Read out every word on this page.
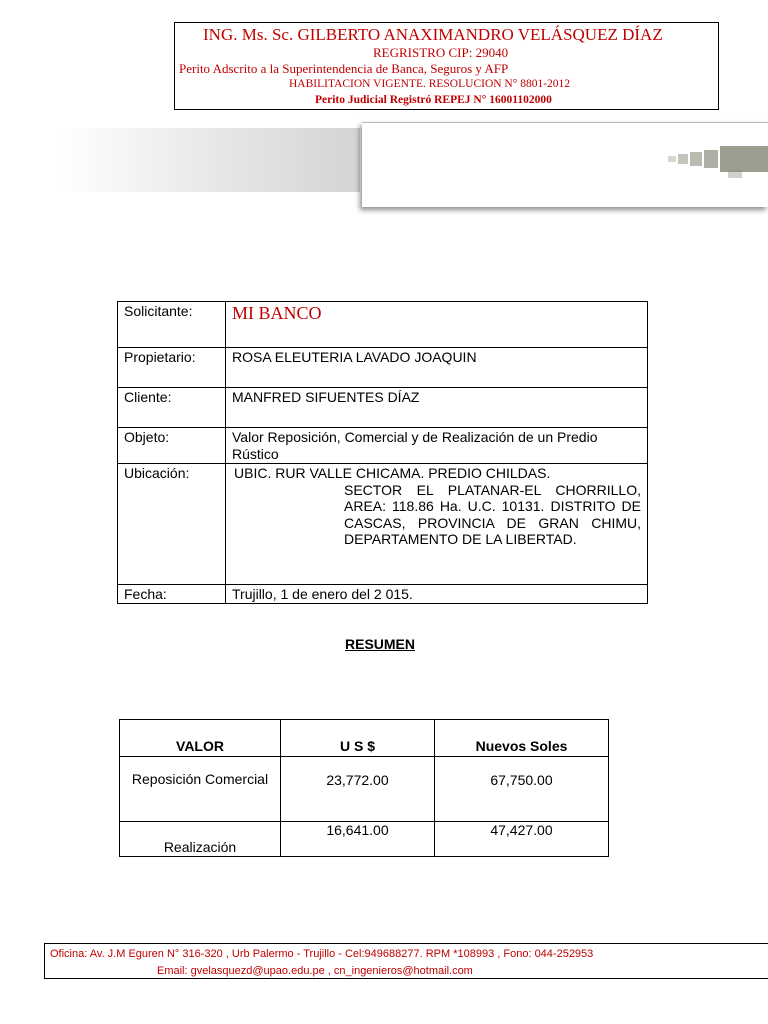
ING. Ms. Sc. GILBERTO ANAXIMANDRO VELÁSQUEZ DÍAZ
REGRISTRO CIP: 29040
Perito Adscrito a la Superintendencia de Banca, Seguros y AFP
HABILITACION VIGENTE. RESOLUCION N° 8801-2012
Perito Judicial Registró REPEJ N° 16001102000
Solicitante:	MI BANCO
Propietario:	ROSA ELEUTERIA LAVADO JOAQUIN
Cliente:	MANFRED SIFUENTES DÍAZ
Objeto:	Valor Reposición, Comercial y de Realización de un Predio Rústico
Ubicación:	UBIC. RUR VALLE CHICAMA. PREDIO CHILDAS.
SECTOR EL PLATANAR-EL CHORRILLO, AREA: 118.86 Ha. U.C. 10131. DISTRITO DE CASCAS, PROVINCIA DE GRAN CHIMU, DEPARTAMENTO DE LA LIBERTAD.

Fecha:	Trujillo, 1 de enero del 2 015.
RESUMEN
VALOR	U S $	Nuevos Soles
Reposición Comercial	23,772.00	67,750.00
Realización	16,641.00	47,427.00
Oficina: Av. J.M Eguren N° 316-320 , Urb Palermo - Trujillo - Cel:949688277. RPM *108993 , Fono: 044-252953
Email: gvelasquezd@upao.edu.pe , cn_ingenieros@hotmail.com
